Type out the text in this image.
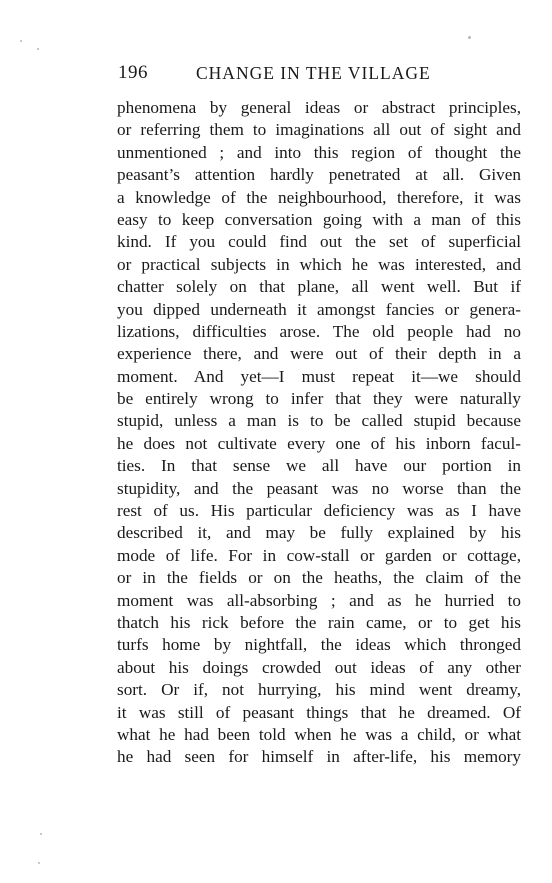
196	CHANGE IN THE VILLAGE
phenomena by general ideas or abstract principles,
or referring them to imaginations all out of sight and
unmentioned ; and into this region of thought the
peasant’s attention hardly penetrated at all. Given
a knowledge of the neighbourhood, therefore, it was
easy to keep conversation going with a man of this
kind. If you could find out the set of superficial
or practical subjects in which he was interested, and
chatter solely on that plane, all went well. But if
you dipped underneath it amongst fancies or genera-
lizations, difficulties arose. The old people had no
experience there, and were out of their depth in a
moment. And yet—I must repeat it—we should
be entirely wrong to infer that they were naturally
stupid, unless a man is to be called stupid because
he does not cultivate every one of his inborn facul-
ties. In that sense we all have our portion in
stupidity, and the peasant was no worse than the
rest of us. His particular deficiency was as I have
described it, and may be fully explained by his
mode of life. For in cow-stall or garden or cottage,
or in the fields or on the heaths, the claim of the
moment was all-absorbing ; and as he hurried to
thatch his rick before the rain came, or to get his
turfs home by nightfall, the ideas which thronged
about his doings crowded out ideas of any other
sort. Or if, not hurrying, his mind went dreamy,
it was still of peasant things that he dreamed. Of
what he had been told when he was a child, or what
he had seen for himself in after-life, his memory
